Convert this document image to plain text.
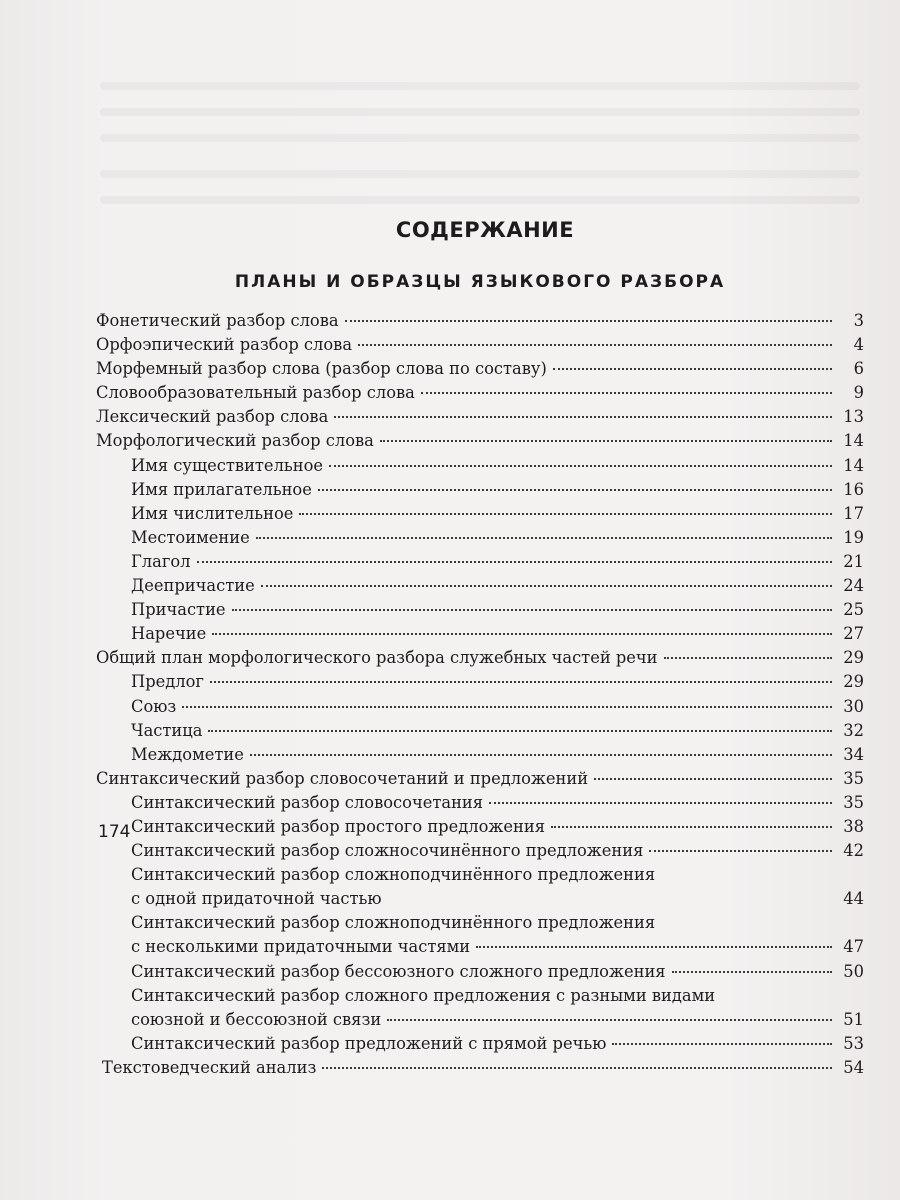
СОДЕРЖАНИЕ
ПЛАНЫ И ОБРАЗЦЫ ЯЗЫКОВОГО РАЗБОРА
Фонетический разбор слова	3
Орфоэпический разбор слова	4
Морфемный разбор слова (разбор слова по составу)	6
Словообразовательный разбор слова	9
Лексический разбор слова	13
Морфологический разбор слова	14
Имя существительное	14
Имя прилагательное	16
Имя числительное	17
Местоимение	19
Глагол	21
Деепричастие	24
Причастие	25
Наречие	27
Общий план морфологического разбора служебных частей речи	29
Предлог	29
Союз	30
Частица	32
Междометие	34
Синтаксический разбор словосочетаний и предложений	35
Синтаксический разбор словосочетания	35
Синтаксический разбор простого предложения	38
Синтаксический разбор сложносочинённого предложения	42
Синтаксический разбор сложноподчинённого предложения
с одной придаточной частью	44
Синтаксический разбор сложноподчинённого предложения
с несколькими придаточными частями	47
Синтаксический разбор бессоюзного сложного предложения	50
Синтаксический разбор сложного предложения с разными видами
союзной и бессоюзной связи	51
Синтаксический разбор предложений с прямой речью	53
Текстоведческий анализ	54
174
